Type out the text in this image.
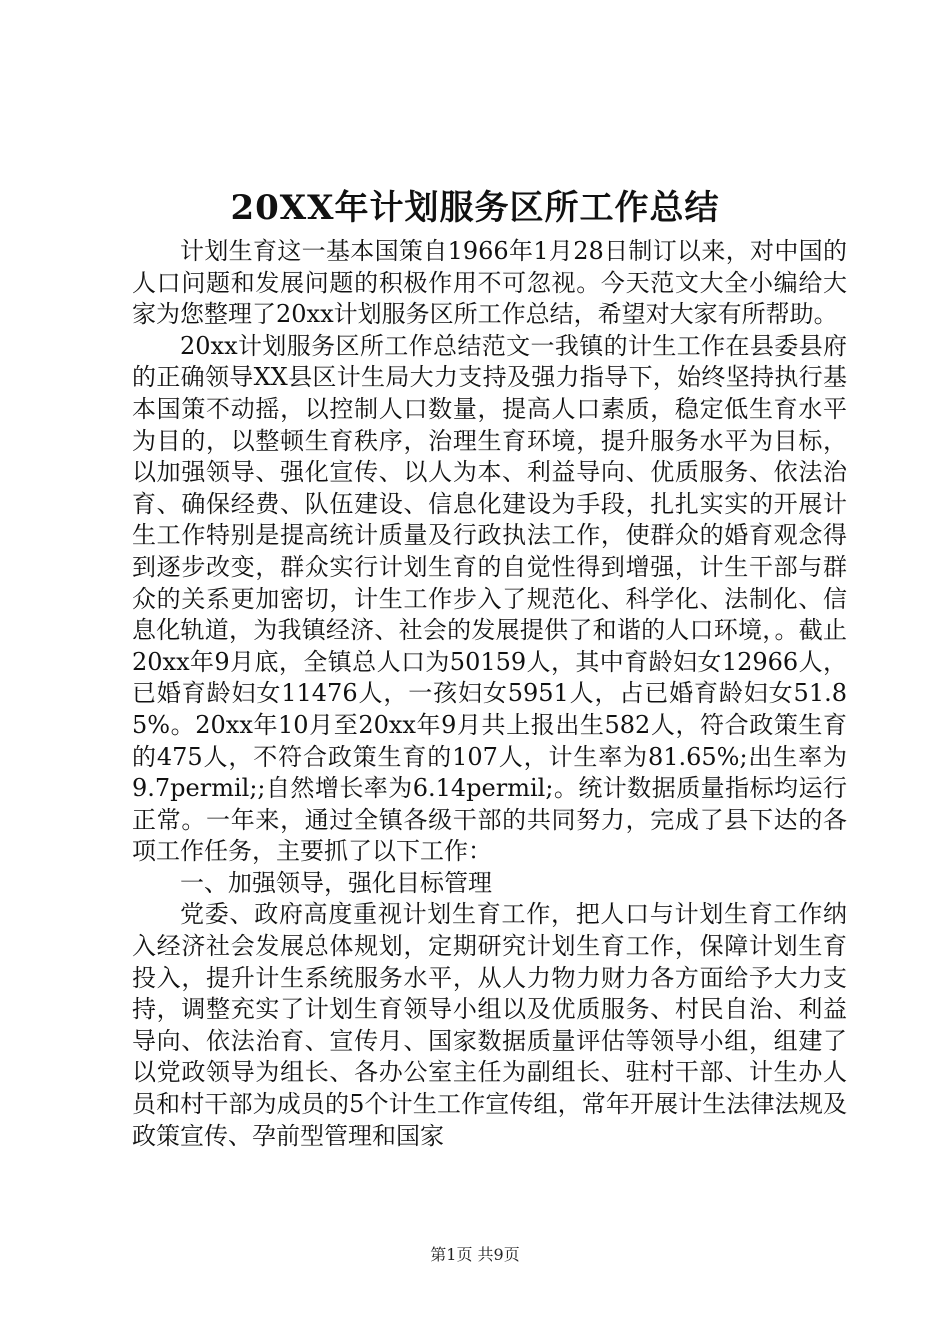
20XX年计划服务区所工作总结

计划生育这一基本国策自1966年1月28日制订以来，对中国的人口问题和发展问题的积极作用不可忽视。今天范文大全小编给大家为您整理了20xx计划服务区所工作总结，希望对大家有所帮助。

20xx计划服务区所工作总结范文一我镇的计生工作在县委县府的正确领导XX县区计生局大力支持及强力指导下，始终坚持执行基本国策不动摇，以控制人口数量，提高人口素质，稳定低生育水平为目的，以整顿生育秩序，治理生育环境，提升服务水平为目标，以加强领导、强化宣传、以人为本、利益导向、优质服务、依法治育、确保经费、队伍建设、信息化建设为手段，扎扎实实的开展计生工作特别是提高统计质量及行政执法工作，使群众的婚育观念得到逐步改变，群众实行计划生育的自觉性得到增强，计生干部与群众的关系更加密切，计生工作步入了规范化、科学化、法制化、信息化轨道，为我镇经济、社会的发展提供了和谐的人口环境，。截止20xx年9月底，全镇总人口为50159人，其中育龄妇女12966人，已婚育龄妇女11476人，一孩妇女5951人，占已婚育龄妇女51.85%。20xx年10月至20xx年9月共上报出生582人，符合政策生育的475人，不符合政策生育的107人，计生率为81.65%;出生率为9.7permil;;自然增长率为6.14permil;。统计数据质量指标均运行正常。一年来，通过全镇各级干部的共同努力，完成了县下达的各项工作任务，主要抓了以下工作：

一、加强领导，强化目标管理

党委、政府高度重视计划生育工作，把人口与计划生育工作纳入经济社会发展总体规划，定期研究计划生育工作，保障计划生育投入，提升计生系统服务水平，从人力物力财力各方面给予大力支持，调整充实了计划生育领导小组以及优质服务、村民自治、利益导向、依法治育、宣传月、国家数据质量评估等领导小组，组建了以党政领导为组长、各办公室主任为副组长、驻村干部、计生办人员和村干部为成员的5个计生工作宣传组，常年开展计生法律法规及政策宣传、孕前型管理和国家

第1页 共9页
